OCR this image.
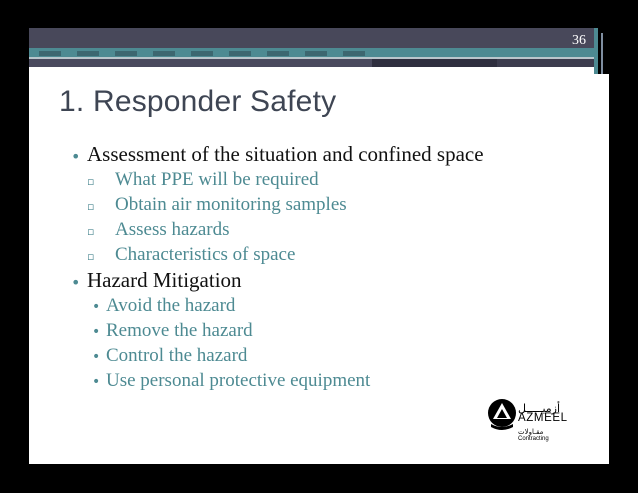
36
1. Responder Safety
• Assessment of the situation and confined space
▫ What PPE will be required
▫ Obtain air monitoring samples
▫ Assess hazards
▫ Characteristics of space
• Hazard Mitigation
• Avoid the hazard
• Remove the hazard
• Control the hazard
• Use personal protective equipment
أزميـــــل
AZMEEL
مقـاولات
Contracting
